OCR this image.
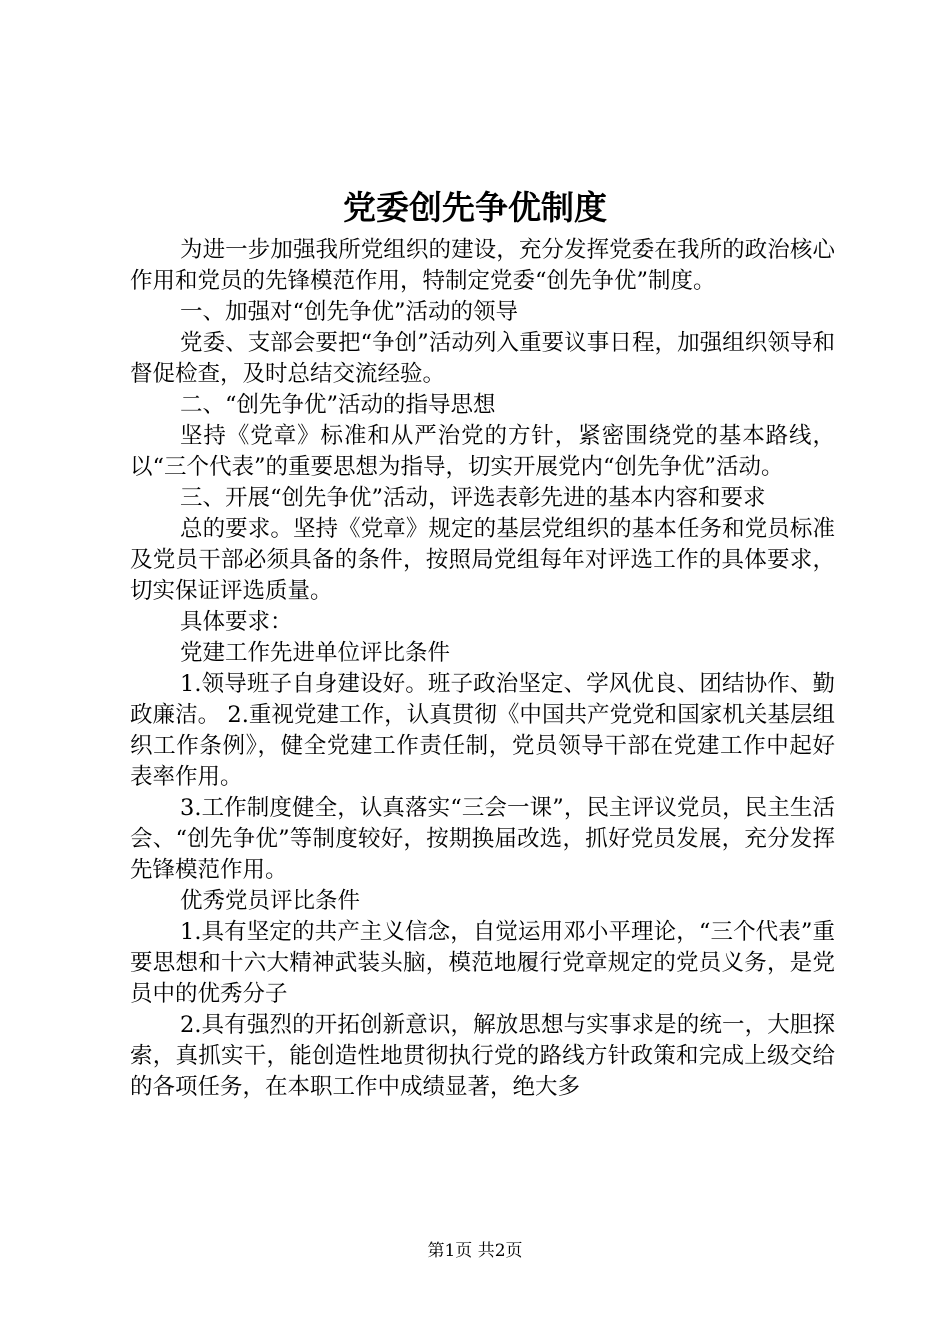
党委创先争优制度

为进一步加强我所党组织的建设，充分发挥党委在我所的政治核心作用和党员的先锋模范作用，特制定党委“创先争优”制度。

一、加强对“创先争优”活动的领导

党委、支部会要把“争创”活动列入重要议事日程，加强组织领导和督促检查，及时总结交流经验。

二、“创先争优”活动的指导思想

坚持《党章》标准和从严治党的方针，紧密围绕党的基本路线，以“三个代表”的重要思想为指导，切实开展党内“创先争优”活动。

三、开展“创先争优”活动，评选表彰先进的基本内容和要求

总的要求。坚持《党章》规定的基层党组织的基本任务和党员标准及党员干部必须具备的条件，按照局党组每年对评选工作的具体要求，切实保证评选质量。

具体要求：

党建工作先进单位评比条件

1.领导班子自身建设好。班子政治坚定、学风优良、团结协作、勤政廉洁。 2.重视党建工作，认真贯彻《中国共产党党和国家机关基层组织工作条例》，健全党建工作责任制，党员领导干部在党建工作中起好表率作用。

3.工作制度健全，认真落实“三会一课”，民主评议党员，民主生活会、“创先争优”等制度较好，按期换届改选，抓好党员发展，充分发挥先锋模范作用。

优秀党员评比条件

1.具有坚定的共产主义信念，自觉运用邓小平理论，“三个代表”重要思想和十六大精神武装头脑，模范地履行党章规定的党员义务，是党员中的优秀分子

2.具有强烈的开拓创新意识，解放思想与实事求是的统一，大胆探索，真抓实干，能创造性地贯彻执行党的路线方针政策和完成上级交给的各项任务，在本职工作中成绩显著，绝大多

第1页 共2页
